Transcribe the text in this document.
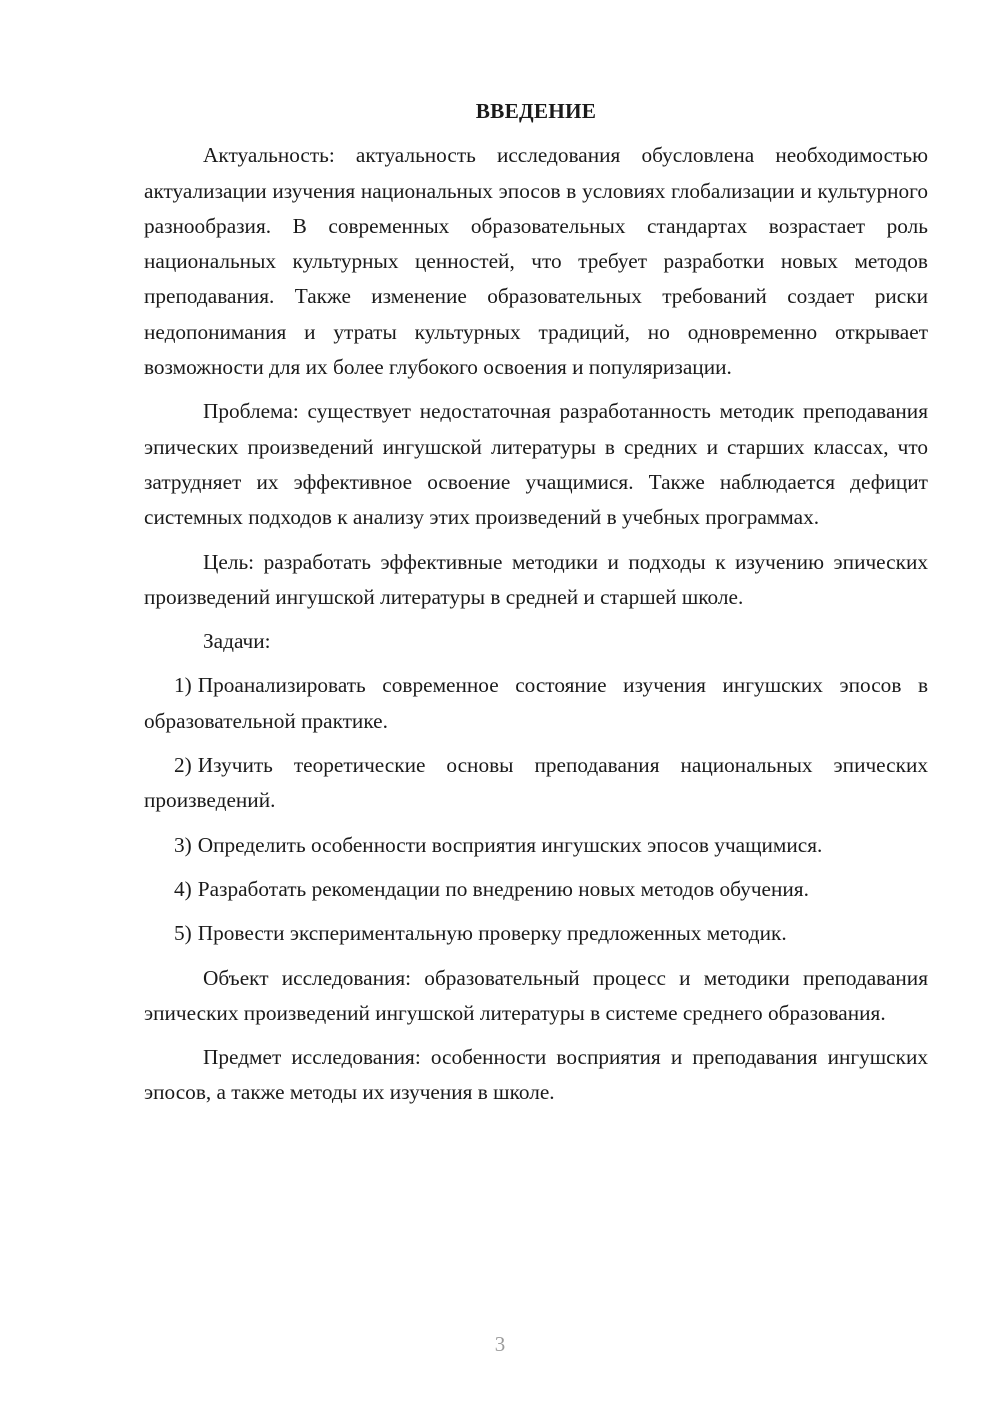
ВВЕДЕНИЕ

Актуальность: актуальность исследования обусловлена необходимостью актуализации изучения национальных эпосов в условиях глобализации и культурного разнообразия. В современных образовательных стандартах возрастает роль национальных культурных ценностей, что требует разработки новых методов преподавания. Также изменение образовательных требований создает риски недопонимания и утраты культурных традиций, но одновременно открывает возможности для их более глубокого освоения и популяризации.

Проблема: существует недостаточная разработанность методик преподавания эпических произведений ингушской литературы в средних и старших классах, что затрудняет их эффективное освоение учащимися. Также наблюдается дефицит системных подходов к анализу этих произведений в учебных программах.

Цель: разработать эффективные методики и подходы к изучению эпических произведений ингушской литературы в средней и старшей школе.

Задачи:

1) Проанализировать современное состояние изучения ингушских эпосов в образовательной практике.

2) Изучить теоретические основы преподавания национальных эпических произведений.

3) Определить особенности восприятия ингушских эпосов учащимися.

4) Разработать рекомендации по внедрению новых методов обучения.

5) Провести экспериментальную проверку предложенных методик.

Объект исследования: образовательный процесс и методики преподавания эпических произведений ингушской литературы в системе среднего образования.

Предмет исследования: особенности восприятия и преподавания ингушских эпосов, а также методы их изучения в школе.

3
